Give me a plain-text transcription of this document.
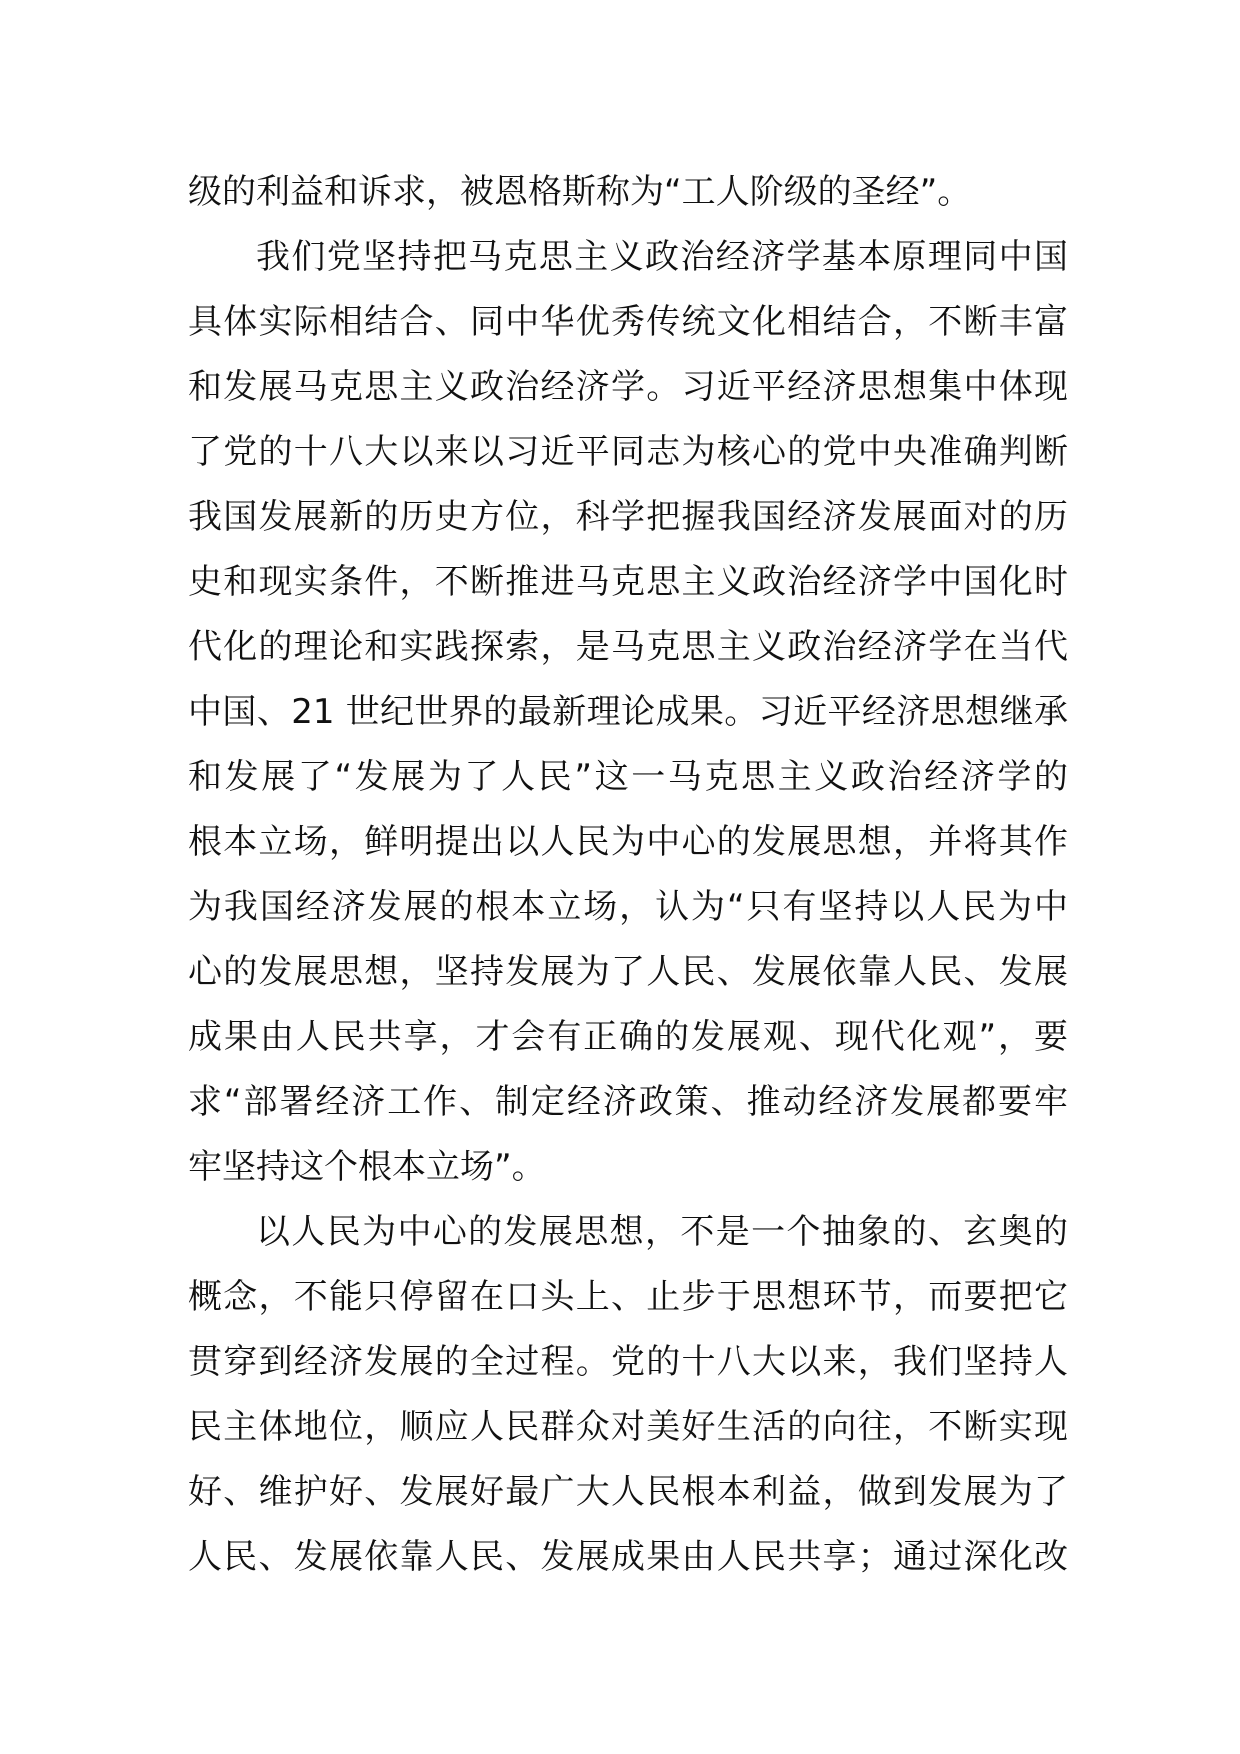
级的利益和诉求，被恩格斯称为“工人阶级的圣经”。
我们党坚持把马克思主义政治经济学基本原理同中国
具体实际相结合、同中华优秀传统文化相结合，不断丰富
和发展马克思主义政治经济学。习近平经济思想集中体现
了党的十八大以来以习近平同志为核心的党中央准确判断
我国发展新的历史方位，科学把握我国经济发展面对的历
史和现实条件，不断推进马克思主义政治经济学中国化时
代化的理论和实践探索，是马克思主义政治经济学在当代
中国、21 世纪世界的最新理论成果。习近平经济思想继承
和发展了“发展为了人民”这一马克思主义政治经济学的
根本立场，鲜明提出以人民为中心的发展思想，并将其作
为我国经济发展的根本立场，认为“只有坚持以人民为中
心的发展思想，坚持发展为了人民、发展依靠人民、发展
成果由人民共享，才会有正确的发展观、现代化观”，要
求“部署经济工作、制定经济政策、推动经济发展都要牢
牢坚持这个根本立场”。
以人民为中心的发展思想，不是一个抽象的、玄奥的
概念，不能只停留在口头上、止步于思想环节，而要把它
贯穿到经济发展的全过程。党的十八大以来，我们坚持人
民主体地位，顺应人民群众对美好生活的向往，不断实现
好、维护好、发展好最广大人民根本利益，做到发展为了
人民、发展依靠人民、发展成果由人民共享；通过深化改
